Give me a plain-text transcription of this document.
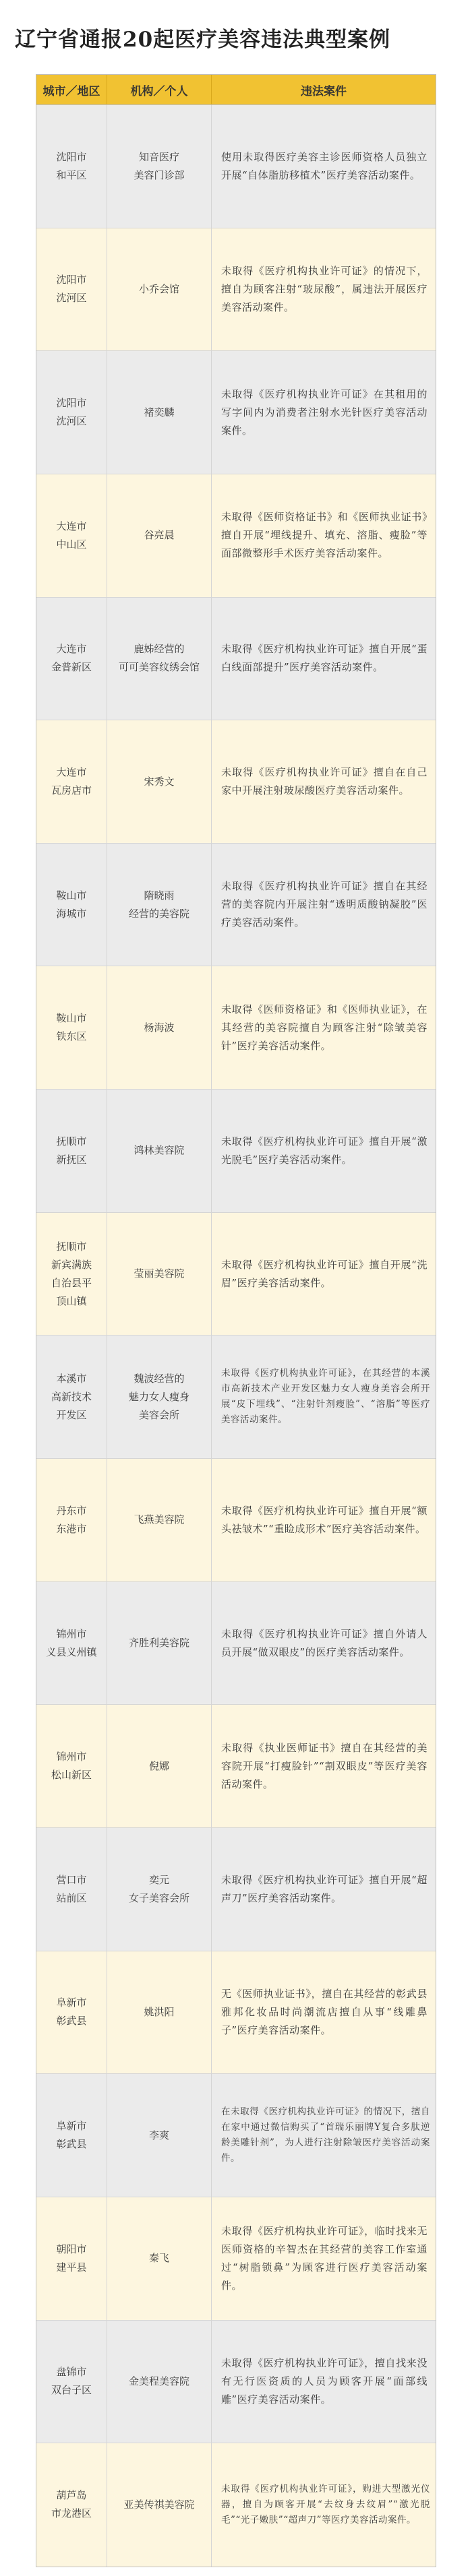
辽宁省通报20起医疗美容违法典型案例
城市／地区	机构／个人	违法案件
沈阳市
和平区
知音医疗
美容门诊部
使用未取得医疗美容主诊医师资格人员独立开展“自体脂肪移植术”医疗美容活动案件。
沈阳市
沈河区
小乔会馆
未取得《医疗机构执业许可证》的情况下，擅自为顾客注射“玻尿酸”，属违法开展医疗美容活动案件。
沈阳市
沈河区
褚奕麟
未取得《医疗机构执业许可证》在其租用的写字间内为消费者注射水光针医疗美容活动案件。
大连市
中山区
谷亮晨
未取得《医师资格证书》和《医师执业证书》擅自开展“埋线提升、填充、溶脂、瘦脸”等面部微整形手术医疗美容活动案件。
大连市
金普新区
鹿姊经营的
可可美容纹绣会馆
未取得《医疗机构执业许可证》擅自开展“蛋白线面部提升”医疗美容活动案件。
大连市
瓦房店市
宋秀文
未取得《医疗机构执业许可证》擅自在自己家中开展注射玻尿酸医疗美容活动案件。
鞍山市
海城市
隋晓雨
经营的美容院
未取得《医疗机构执业许可证》擅自在其经营的美容院内开展注射“透明质酸钠凝胶”医疗美容活动案件。
鞍山市
铁东区
杨海波
未取得《医师资格证》和《医师执业证》，在其经营的美容院擅自为顾客注射“除皱美容针”医疗美容活动案件。
抚顺市
新抚区
鸿林美容院
未取得《医疗机构执业许可证》擅自开展“激光脱毛”医疗美容活动案件。
抚顺市
新宾满族
自治县平
顶山镇
莹丽美容院
未取得《医疗机构执业许可证》擅自开展“洗眉”医疗美容活动案件。
本溪市
高新技术
开发区
魏波经营的
魅力女人瘦身
美容会所
未取得《医疗机构执业许可证》，在其经营的本溪市高新技术产业开发区魅力女人瘦身美容会所开展“皮下埋线”、“注射针剂瘦脸”、“溶脂”等医疗美容活动案件。
丹东市
东港市
飞燕美容院
未取得《医疗机构执业许可证》擅自开展“额头祛皱术”“重睑成形术”医疗美容活动案件。
锦州市
义县义州镇
齐胜利美容院
未取得《医疗机构执业许可证》擅自外请人员开展“做双眼皮”的医疗美容活动案件。
锦州市
松山新区
倪娜
未取得《执业医师证书》擅自在其经营的美容院开展“打瘦脸针”“割双眼皮”等医疗美容活动案件。
营口市
站前区
奕元
女子美容会所
未取得《医疗机构执业许可证》擅自开展“超声刀”医疗美容活动案件。
阜新市
彰武县
姚洪阳
无《医师执业证书》，擅自在其经营的彰武县雅邦化妆品时尚潮流店擅自从事“线雕鼻子”医疗美容活动案件。
阜新市
彰武县
李爽
在未取得《医疗机构执业许可证》的情况下，擅自在家中通过微信购买了“首瑞乐丽牌Y复合多肽逆龄美雕针剂”，为人进行注射除皱医疗美容活动案件。
朝阳市
建平县
秦飞
未取得《医疗机构执业许可证》，临时找来无医师资格的辛智杰在其经营的美容工作室通过“树脂锁鼻”为顾客进行医疗美容活动案件。
盘锦市
双台子区
金美程美容院
未取得《医疗机构执业许可证》，擅自找来没有无行医资质的人员为顾客开展“面部线雕”医疗美容活动案件。
葫芦岛
市龙港区
亚美传祺美容院
未取得《医疗机构执业许可证》，购进大型激光仪器，擅自为顾客开展“去纹身去纹眉”“激光脱毛”“光子嫩肤”“超声刀”等医疗美容活动案件。
